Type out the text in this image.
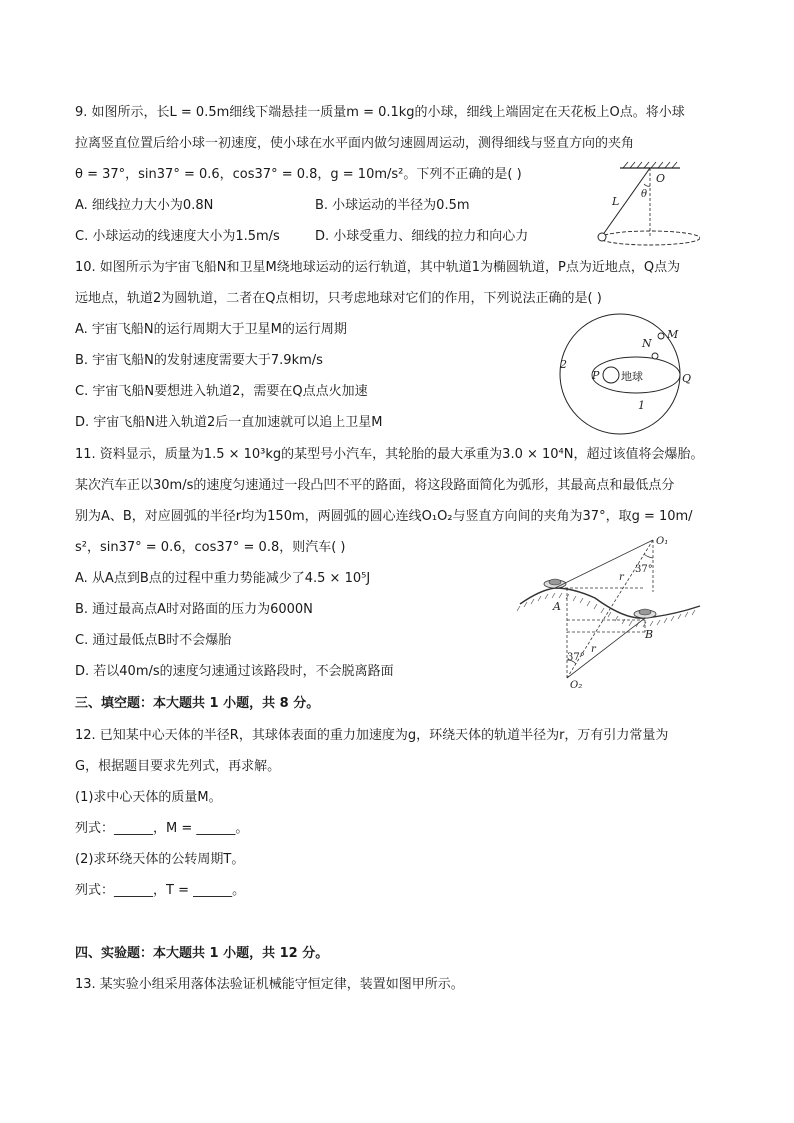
9. 如图所示，长L = 0.5m细线下端悬挂一质量m = 0.1kg的小球，细线上端固定在天花板上O点。将小球
拉离竖直位置后给小球一初速度，使小球在水平面内做匀速圆周运动，测得细线与竖直方向的夹角
θ = 37°，sin37° = 0.6，cos37° = 0.8，g = 10m/s²。下列不正确的是( )
A. 细线拉力大小为0.8N	B. 小球运动的半径为0.5m
C. 小球运动的线速度大小为1.5m/s	D. 小球受重力、细线的拉力和向心力
O
θ
L
10. 如图所示为宇宙飞船N和卫星M绕地球运动的运行轨道，其中轨道1为椭圆轨道，P点为近地点，Q点为
远地点，轨道2为圆轨道，二者在Q点相切，只考虑地球对它们的作用，下列说法正确的是( )
A. 宇宙飞船N的运行周期大于卫星M的运行周期
B. 宇宙飞船N的发射速度需要大于7.9km/s
C. 宇宙飞船N要想进入轨道2，需要在Q点点火加速
D. 宇宙飞船N进入轨道2后一直加速就可以追上卫星M
M
N
P 地球	Q
1
2
11. 资料显示，质量为1.5 × 10³kg的某型号小汽车，其轮胎的最大承重为3.0 × 10⁴N，超过该值将会爆胎。
某次汽车正以30m/s的速度匀速通过一段凸凹不平的路面，将这段路面简化为弧形，其最高点和最低点分
别为A、B，对应圆弧的半径r均为150m，两圆弧的圆心连线O₁O₂与竖直方向间的夹角为37°，取g = 10m/
s²，sin37° = 0.6，cos37° = 0.8，则汽车( )
A. 从A点到B点的过程中重力势能减少了4.5 × 10⁵J
B. 通过最高点A时对路面的压力为6000N
C. 通过最低点B时不会爆胎
D. 若以40m/s的速度匀速通过该路段时，不会脱离路面
O₁
37°
r
A
B
37°
r
O₂
三、填空题：本大题共 1 小题，共 8 分。
12. 已知某中心天体的半径R，其球体表面的重力加速度为g，环绕天体的轨道半径为r，万有引力常量为
G，根据题目要求先列式，再求解。
(1)求中心天体的质量M。
列式：______，M = ______。
(2)求环绕天体的公转周期T。
列式：______，T = ______。
四、实验题：本大题共 1 小题，共 12 分。
13. 某实验小组采用落体法验证机械能守恒定律，装置如图甲所示。
